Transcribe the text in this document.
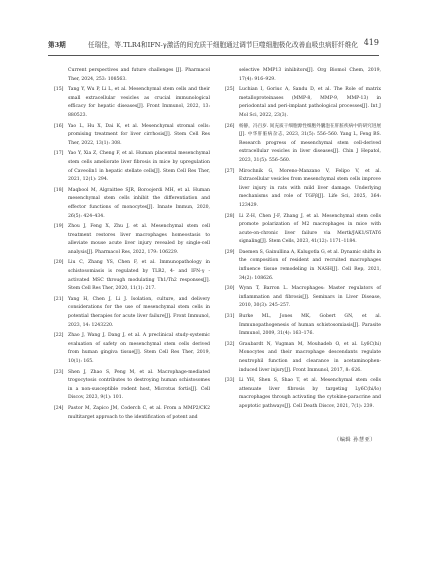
第3期	任瑞佳，等.TLR4和IFN-γ激活的间充质干细胞通过调节巨噬细胞极化改善血吸虫病肝纤维化 419

Current perspectives and future challenges [J]. Pharmacol Ther, 2024, 253: 108563.

[15] Tang Y, Wu P, Li L, et al. Mesenchymal stem cells and their small extracellular vesicles as crucial immunological efficacy for hepatic diseases[J]. Front Immunol, 2022, 13: 880523.

[16] Yao L, Hu X, Dai K, et al. Mesenchymal stromal cells: promising treatment for liver cirrhosis[J]. Stem Cell Res Ther, 2022, 13(1): 308.

[17] Yao Y, Xia Z, Cheng F, et al. Human placental mesenchymal stem cells ameliorate liver fibrosis in mice by upregulation of Caveolin1 in hepatic stellate cells[J]. Stem Cell Res Ther, 2021, 12(1): 294.

[18] Maqbool M, Algraittee SJR, Boroojerdi MH, et al. Human mesenchymal stem cells inhibit the differentiation and effector functions of monocytes[J]. Innate Immun, 2020, 26(5): 424–434.

[19] Zhou J, Feng X, Zhu J, et al. Mesenchymal stem cell treatment restores liver macrophages homeostasis to alleviate mouse acute liver injury revealed by single-cell analysis[J]. Pharmacol Res, 2022, 179: 106229.

[20] Liu C, Zhang YS, Chen F, et al. Immunopathology in schistosomiasis is regulated by TLR2, 4- and IFN-γ -activated MSC through modulating Th1/Th2 responses[J]. Stem Cell Res Ther, 2020, 11(1): 217.

[21] Yang H, Chen J, Li J. Isolation, culture, and delivery considerations for the use of mesenchymal stem cells in potential therapies for acute liver failure[J]. Front Immunol, 2023, 14: 1243220.

[22] Zhao J, Wang J, Dang J, et al. A preclinical study-systemic evaluation of safety on mesenchymal stem cells derived from human gingiva tissue[J]. Stem Cell Res Ther, 2019, 10(1): 165.

[23] Shen J, Zhao S, Peng M, et al. Macrophage-mediated trogocytosis contributes to destroying human schistosomes in a non-susceptible rodent host, Microtus fortis[J]. Cell Discov, 2023, 9(1): 101.

[24] Pastor M, Zapico JM, Coderch C, et al. From a MMP2/CK2 multitarget approach to the identification of potent and

selective MMP13 inhibitors[J]. Org Biomol Chem, 2019, 17(4): 916–929.

[25] Luchian I, Goriuc A, Sandu D, et al. The Role of matrix metalloproteinases (MMP-8, MMP-9, MMP-13) in periodontal and peri-implant pathological processes[J]. Int J Mol Sci, 2022, 23(3).

[26] 杨静，冯百岁. 间充质干细胞源性细胞外囊泡在肝脏疾病中的研究进展[J]. 中华肝脏病杂志, 2023, 31(5): 556–560. Yang L, Feng BS. Research progress of mesenchymal stem cell-derived extracellular vesicles in liver diseases[J]. Chin J Hepatol, 2023, 31(5): 556–560.

[27] Mirochnik G, Moreno-Manzano V, Felipo V, et al. Extracellular vesicles from mesenchymal stem cells improve liver injury in rats with mild liver damage. Underlying mechanisms and role of TGFβ[J]. Life Sci, 2025, 364: 123429.

[28] Li Z-H, Chen J-F, Zhang J, et al. Mesenchymal stem cells promote polarization of M2 macrophages in mice with acute-on-chronic liver failure via Mertk/JAK1/STAT6 signaling[J]. Stem Cells, 2023, 41(12): 1171–1184.

[29] Daemen S, Gainullina A, Kalugotla G, et al. Dynamic shifts in the composition of resident and recruited macrophages influence tissue remodeling in NASH[J]. Cell Rep, 2021, 34(2): 108626.

[30] Wynn T, Barron L. Macrophages: Master regulators of inflammation and fibrosis[J]. Seminars in Liver Disease, 2010, 30(3): 245–257.

[31] Burke ML, Jones MK, Gobert GN, et al. Immunopathogenesis of human schistosomiasis[J]. Parasite Immunol, 2009, 31(4): 163–176.

[32] Graubardt N, Vugman M, Mouhadeb O, et al. Ly6C(hi) Monocytes and their macrophage descendants regulate neutrophil function and clearance in acetaminophen-induced liver injury[J]. Front Immunol, 2017, 8: 626.

[33] Li YH, Shen S, Shao T, et al. Mesenchymal stem cells attenuate liver fibrosis by targeting Ly6C(hi/lo) macrophages through activating the cytokine-paracrine and apoptotic pathways[J]. Cell Death Discov, 2021, 7(1): 239.

（编辑 孙慧亚）
